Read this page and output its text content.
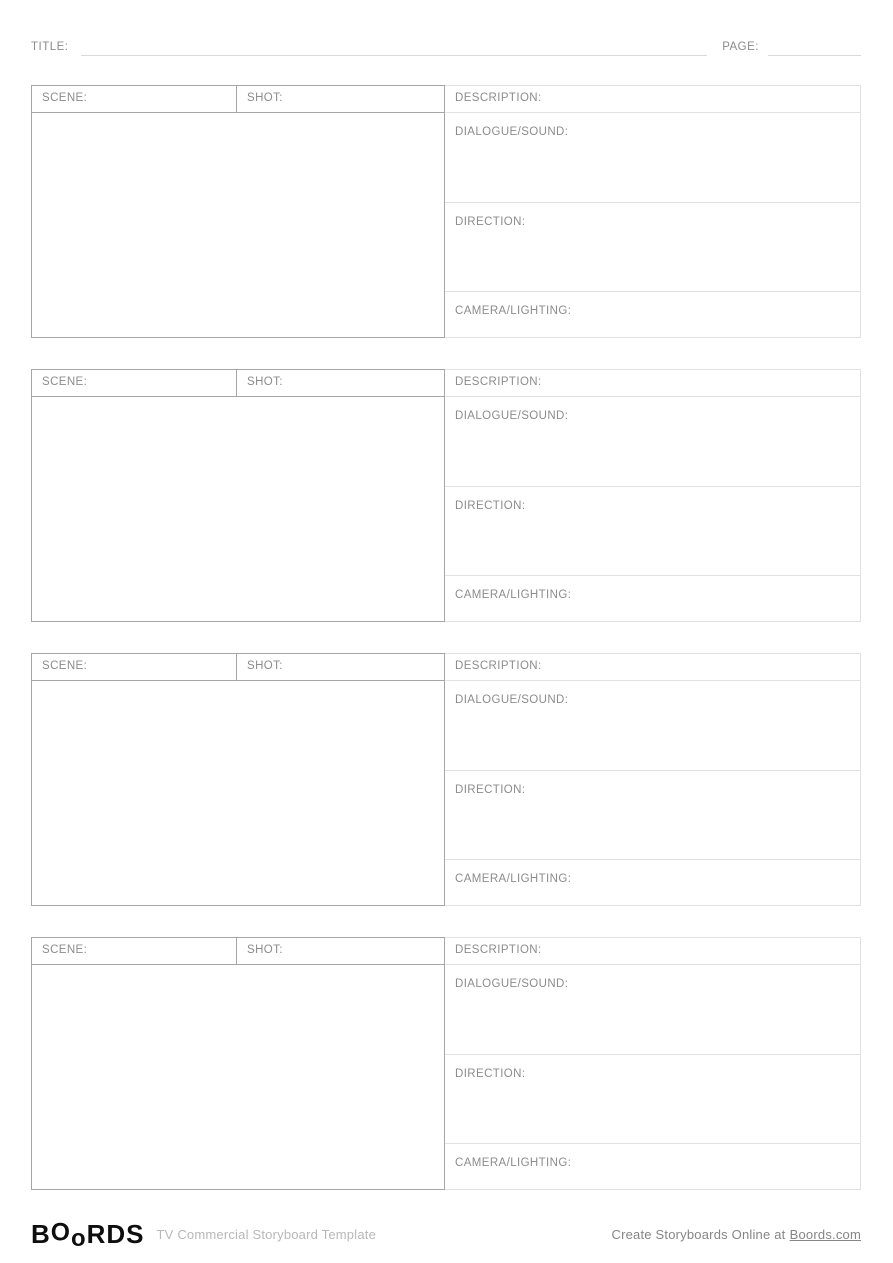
TITLE:	PAGE:
SCENE:	SHOT:	DESCRIPTION:
DIALOGUE/SOUND:
DIRECTION:
CAMERA/LIGHTING:
SCENE:	SHOT:	DESCRIPTION:
DIALOGUE/SOUND:
DIRECTION:
CAMERA/LIGHTING:
SCENE:	SHOT:	DESCRIPTION:
DIALOGUE/SOUND:
DIRECTION:
CAMERA/LIGHTING:
SCENE:	SHOT:	DESCRIPTION:
DIALOGUE/SOUND:
DIRECTION:
CAMERA/LIGHTING:
BOoRDS TV Commercial Storyboard Template	Create Storyboards Online at Boords.com
